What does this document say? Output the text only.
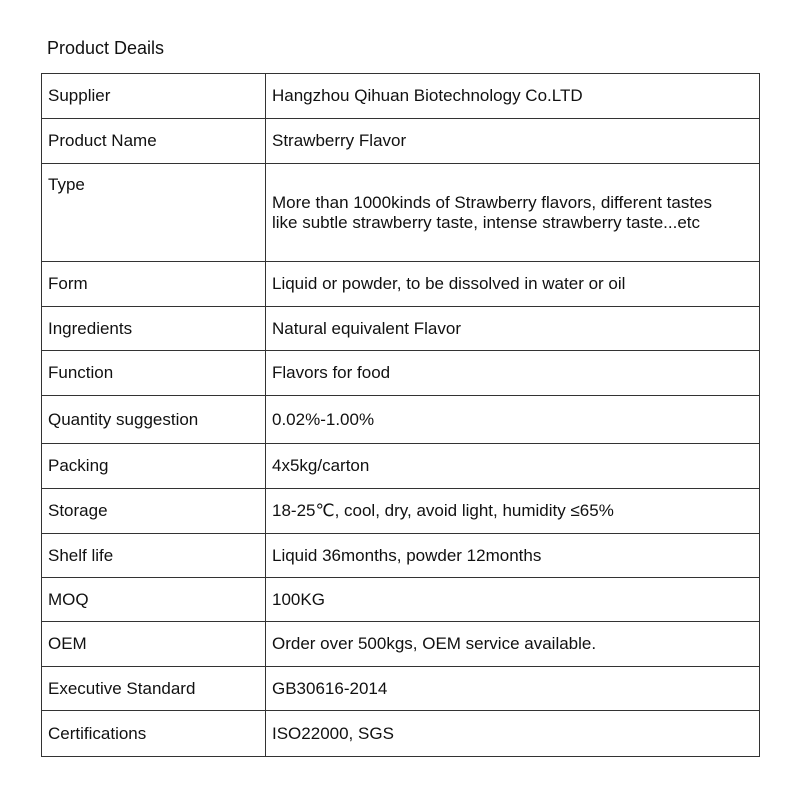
Product Deails
Supplier	Hangzhou Qihuan Biotechnology Co.LTD
Product Name	Strawberry Flavor
Type	More than 1000kinds of Strawberry flavors, different tastes
like subtle strawberry taste, intense strawberry taste...etc

Form	Liquid or powder, to be dissolved in water or oil
Ingredients	Natural equivalent Flavor
Function	Flavors for food
Quantity suggestion	0.02%-1.00%
Packing	4x5kg/carton
Storage	18-25℃, cool, dry, avoid light, humidity ≤65%
Shelf life	Liquid 36months, powder 12months
MOQ	100KG
OEM	Order over 500kgs, OEM service available.
Executive Standard	GB30616-2014
Certifications	ISO22000, SGS
